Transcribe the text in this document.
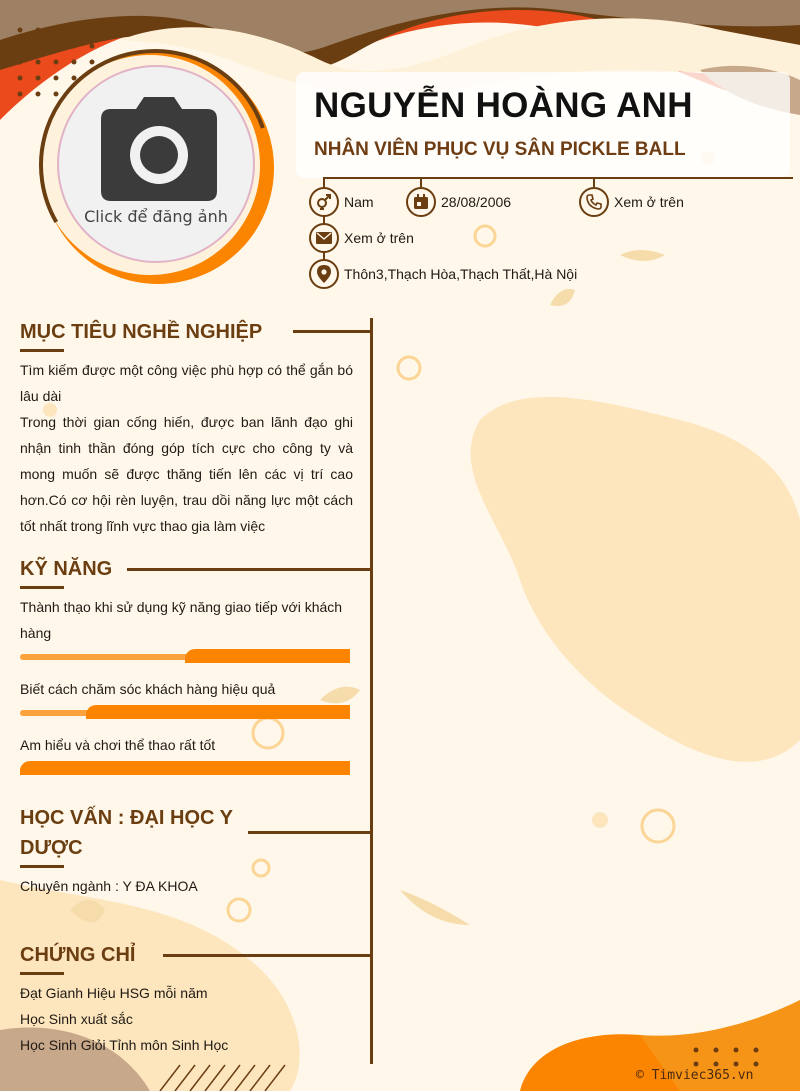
Click để đăng ảnh
NGUYỄN HOÀNG ANH
NHÂN VIÊN PHỤC VỤ SÂN PICKLE BALL
Nam	28/08/2006	Xem ở trên
Xem ở trên
Thôn3,Thạch Hòa,Thạch Thất,Hà Nội
MỤC TIÊU NGHỀ NGHIỆP
Tìm kiếm được một công việc phù hợp có thể gắn bó lâu dài
Trong thời gian cống hiến, được ban lãnh đạo ghi nhận tinh thần đóng góp tích cực cho công ty và mong muốn sẽ được thăng tiến lên các vị trí cao hơn.Có cơ hội rèn luyện, trau dồi năng lực một cách tốt nhất trong lĩnh vực thao gia làm việc
KỸ NĂNG
Thành thạo khi sử dụng kỹ năng giao tiếp với khách hàng
Biết cách chăm sóc khách hàng hiệu quả
Am hiểu và chơi thể thao rất tốt
HỌC VẤN : ĐẠI HỌC Y DƯỢC
Chuyên ngành : Y ĐA KHOA
CHỨNG CHỈ
Đạt Gianh Hiệu HSG mỗi năm
Học Sinh xuất sắc
Học Sinh Giỏi Tỉnh môn Sinh Học
© Timviec365.vn
